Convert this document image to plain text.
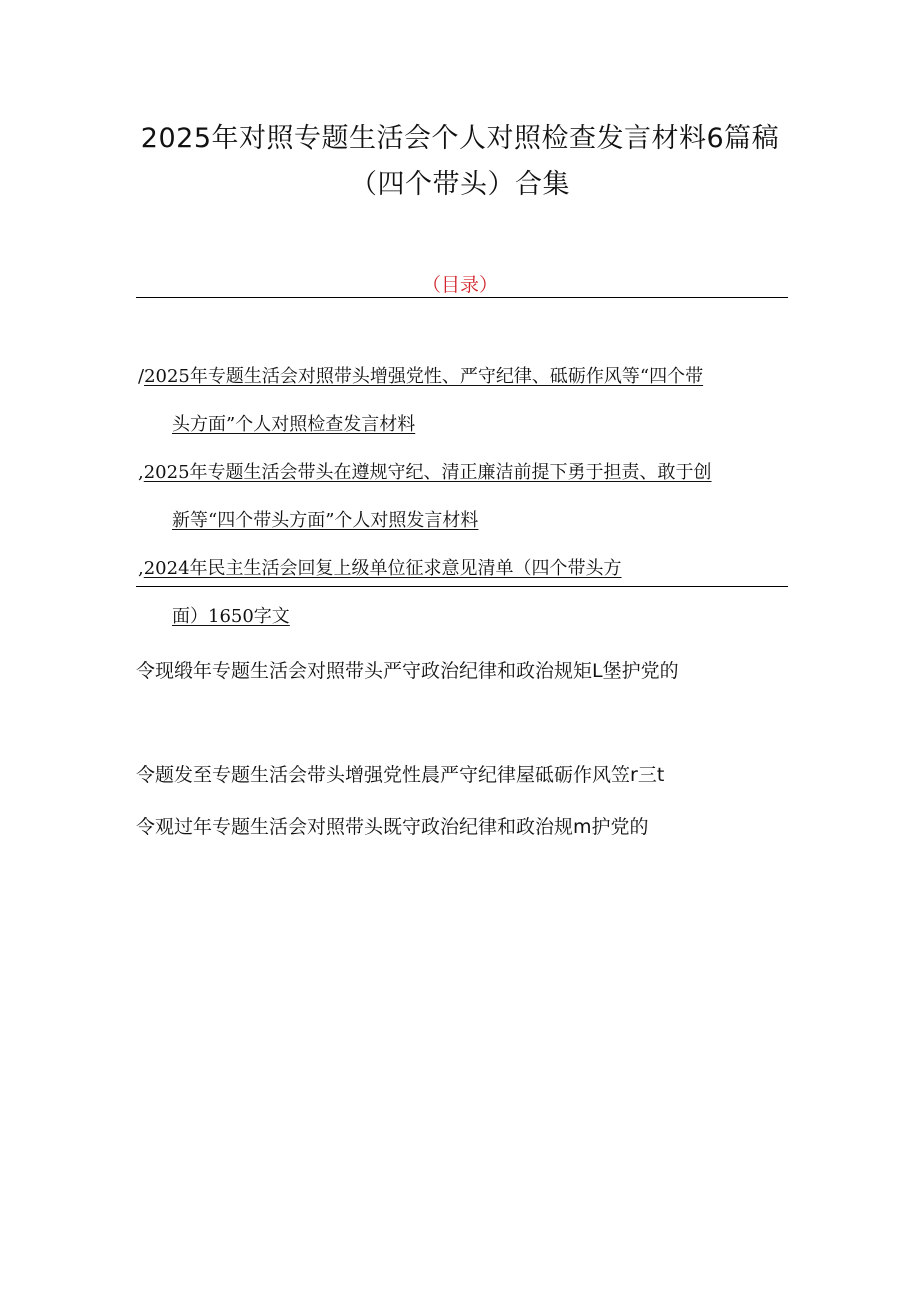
2025年对照专题生活会个人对照检查发言材料6篇稿
（四个带头）合集
（目录）
/2025年专题生活会对照带头增强党性、严守纪律、砥砺作风等“四个带
头方面”个人对照检查发言材料
,2025年专题生活会带头在遵规守纪、清正廉洁前提下勇于担责、敢于创
新等“四个带头方面”个人对照发言材料
,2024年民主生活会回复上级单位征求意见清单（四个带头方
面）1650字文
令现缎年专题生活会对照带头严守政治纪律和政治规矩L堡护党的
令题发至专题生活会带头增强党性晨严守纪律屋砥砺作风笠r三t
令观过年专题生活会对照带头既守政治纪律和政治规m护党的
